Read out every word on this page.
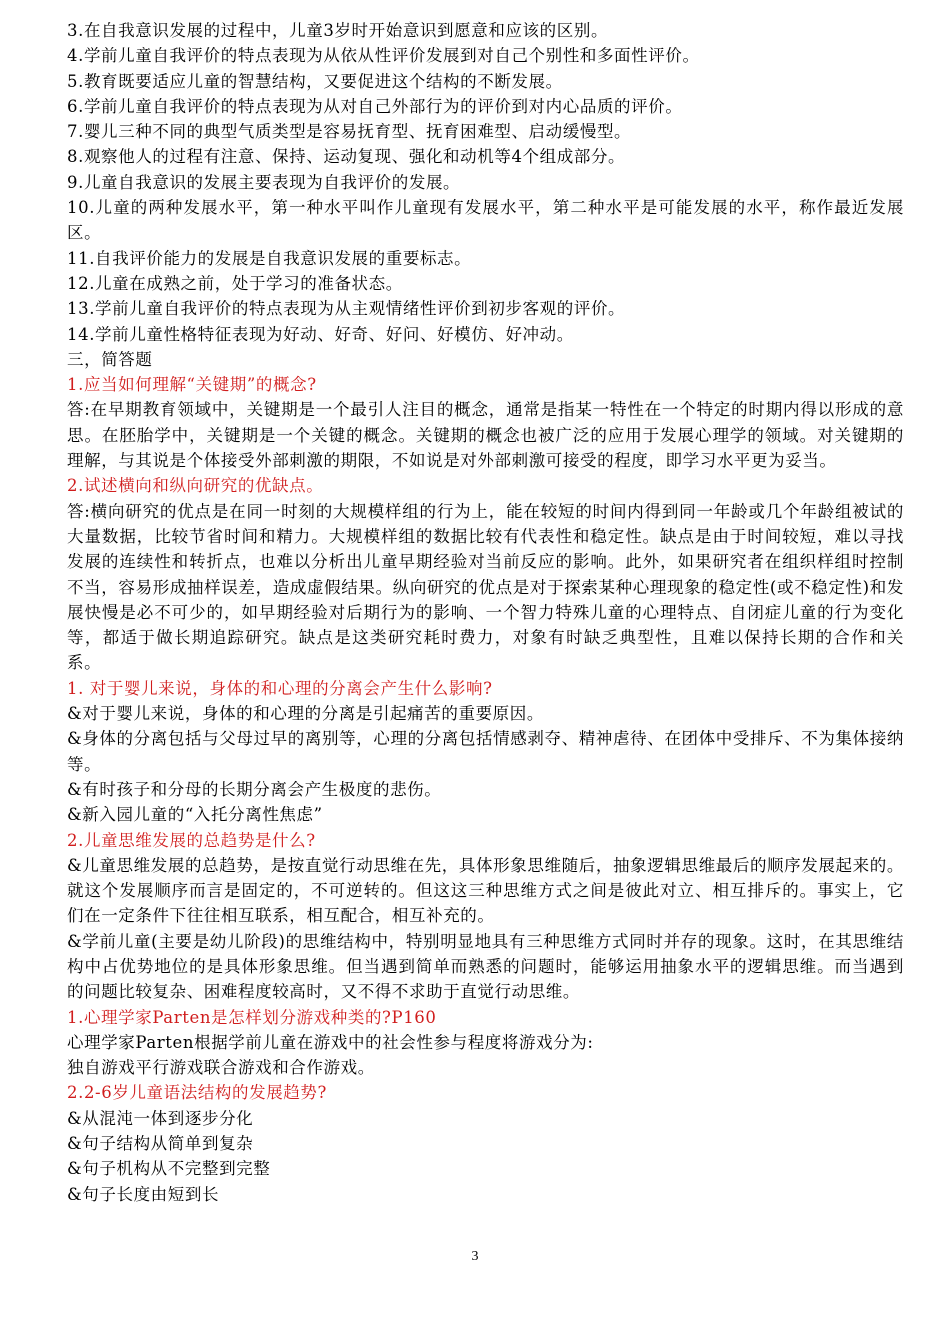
3.在自我意识发展的过程中，儿童3岁时开始意识到愿意和应该的区别。
4.学前儿童自我评价的特点表现为从依从性评价发展到对自己个别性和多面性评价。
5.教育既要适应儿童的智慧结构，又要促进这个结构的不断发展。
6.学前儿童自我评价的特点表现为从对自己外部行为的评价到对内心品质的评价。
7.婴儿三种不同的典型气质类型是容易抚育型、抚育困难型、启动缓慢型。
8.观察他人的过程有注意、保持、运动复现、强化和动机等4个组成部分。
9.儿童自我意识的发展主要表现为自我评价的发展。
10.儿童的两种发展水平，第一种水平叫作儿童现有发展水平，第二种水平是可能发展的水平，称作最近发展区。
11.自我评价能力的发展是自我意识发展的重要标志。
12.儿童在成熟之前，处于学习的准备状态。
13.学前儿童自我评价的特点表现为从主观情绪性评价到初步客观的评价。
14.学前儿童性格特征表现为好动、好奇、好问、好模仿、好冲动。
三，简答题
1.应当如何理解“关键期”的概念?
答:在早期教育领域中，关键期是一个最引人注目的概念，通常是指某一特性在一个特定的时期内得以形成的意思。在胚胎学中，关键期是一个关键的概念。关键期的概念也被广泛的应用于发展心理学的领域。对关键期的理解，与其说是个体接受外部刺激的期限，不如说是对外部刺激可接受的程度，即学习水平更为妥当。
2.试述横向和纵向研究的优缺点。
答:横向研究的优点是在同一时刻的大规模样组的行为上，能在较短的时间内得到同一年龄或几个年龄组被试的大量数据，比较节省时间和精力。大规模样组的数据比较有代表性和稳定性。缺点是由于时间较短，难以寻找发展的连续性和转折点，也难以分析出儿童早期经验对当前反应的影响。此外，如果研究者在组织样组时控制不当，容易形成抽样误差，造成虚假结果。纵向研究的优点是对于探索某种心理现象的稳定性(或不稳定性)和发展快慢是必不可少的，如早期经验对后期行为的影响、一个智力特殊儿童的心理特点、自闭症儿童的行为变化等，都适于做长期追踪研究。缺点是这类研究耗时费力，对象有时缺乏典型性，且难以保持长期的合作和关系。
1. 对于婴儿来说，身体的和心理的分离会产生什么影响?
&对于婴儿来说，身体的和心理的分离是引起痛苦的重要原因。
&身体的分离包括与父母过早的离别等，心理的分离包括情感剥夺、精神虐待、在团体中受排斥、不为集体接纳等。
&有时孩子和分母的长期分离会产生极度的悲伤。
&新入园儿童的“入托分离性焦虑”
2.儿童思维发展的总趋势是什么?
&儿童思维发展的总趋势，是按直觉行动思维在先，具体形象思维随后，抽象逻辑思维最后的顺序发展起来的。就这个发展顺序而言是固定的，不可逆转的。但这这三种思维方式之间是彼此对立、相互排斥的。事实上，它们在一定条件下往往相互联系，相互配合，相互补充的。
&学前儿童(主要是幼儿阶段)的思维结构中，特别明显地具有三种思维方式同时并存的现象。这时，在其思维结构中占优势地位的是具体形象思维。但当遇到简单而熟悉的问题时，能够运用抽象水平的逻辑思维。而当遇到的问题比较复杂、困难程度较高时，又不得不求助于直觉行动思维。
1.心理学家Parten是怎样划分游戏种类的?P160
心理学家Parten根据学前儿童在游戏中的社会性参与程度将游戏分为:
独自游戏平行游戏联合游戏和合作游戏。
2.2-6岁儿童语法结构的发展趋势?
&从混沌一体到逐步分化
&句子结构从简单到复杂
&句子机构从不完整到完整
&句子长度由短到长
3
